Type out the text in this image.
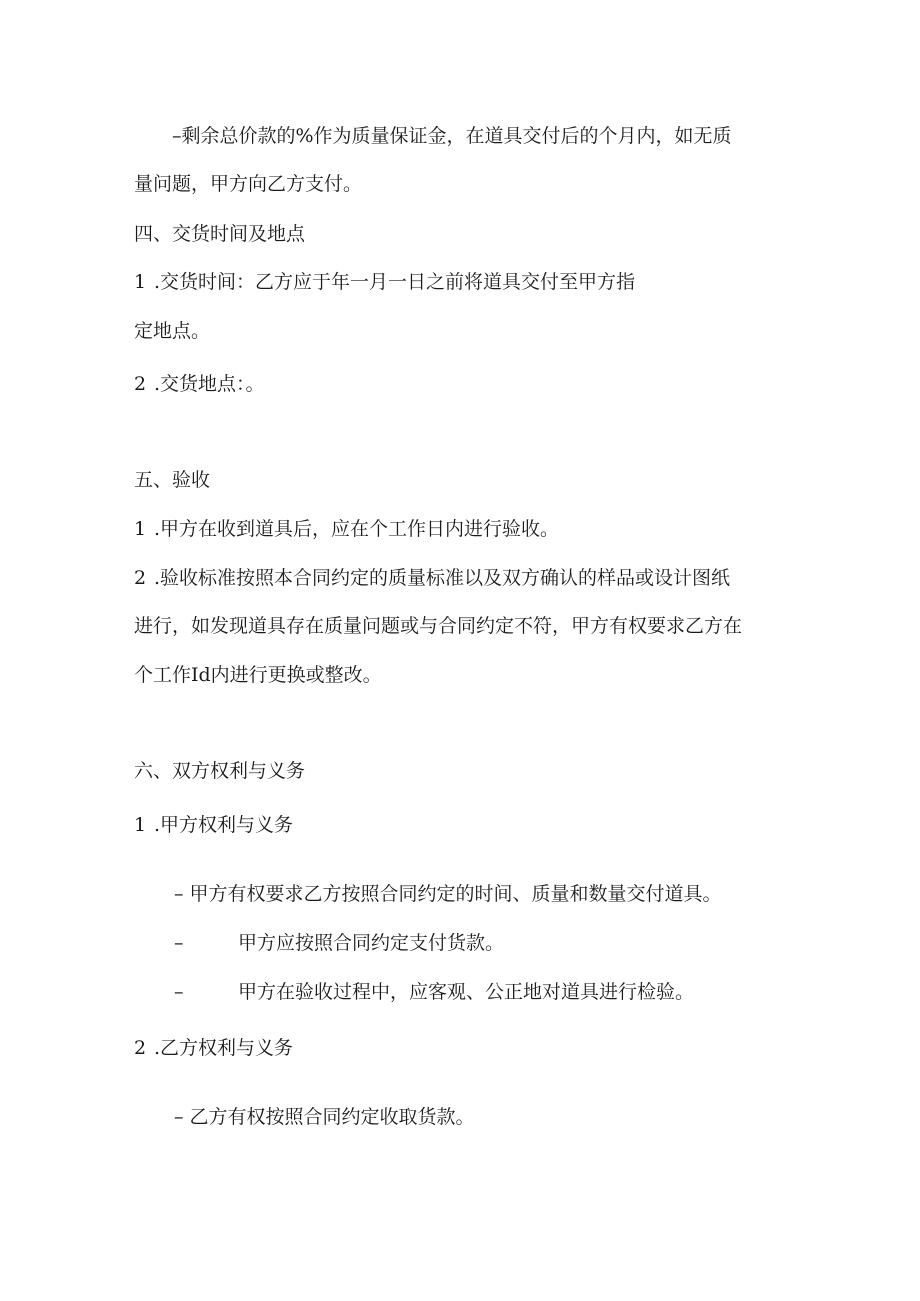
–剩余总价款的%作为质量保证金，在道具交付后的个月内，如无质
量问题，甲方向乙方支付。
四、交货时间及地点
1 .交货时间：乙方应于年一月一日之前将道具交付至甲方指
定地点。
2 .交货地点：。
五、验收
1 .甲方在收到道具后，应在个工作日内进行验收。
2 .验收标准按照本合同约定的质量标准以及双方确认的样品或设计图纸
进行，如发现道具存在质量问题或与合同约定不符，甲方有权要求乙方在
个工作Id内进行更换或整改。
六、双方权利与义务
1 .甲方权利与义务
– 甲方有权要求乙方按照合同约定的时间、质量和数量交付道具。
–	甲方应按照合同约定支付货款。
–	甲方在验收过程中，应客观、公正地对道具进行检验。
2 .乙方权利与义务
– 乙方有权按照合同约定收取货款。
